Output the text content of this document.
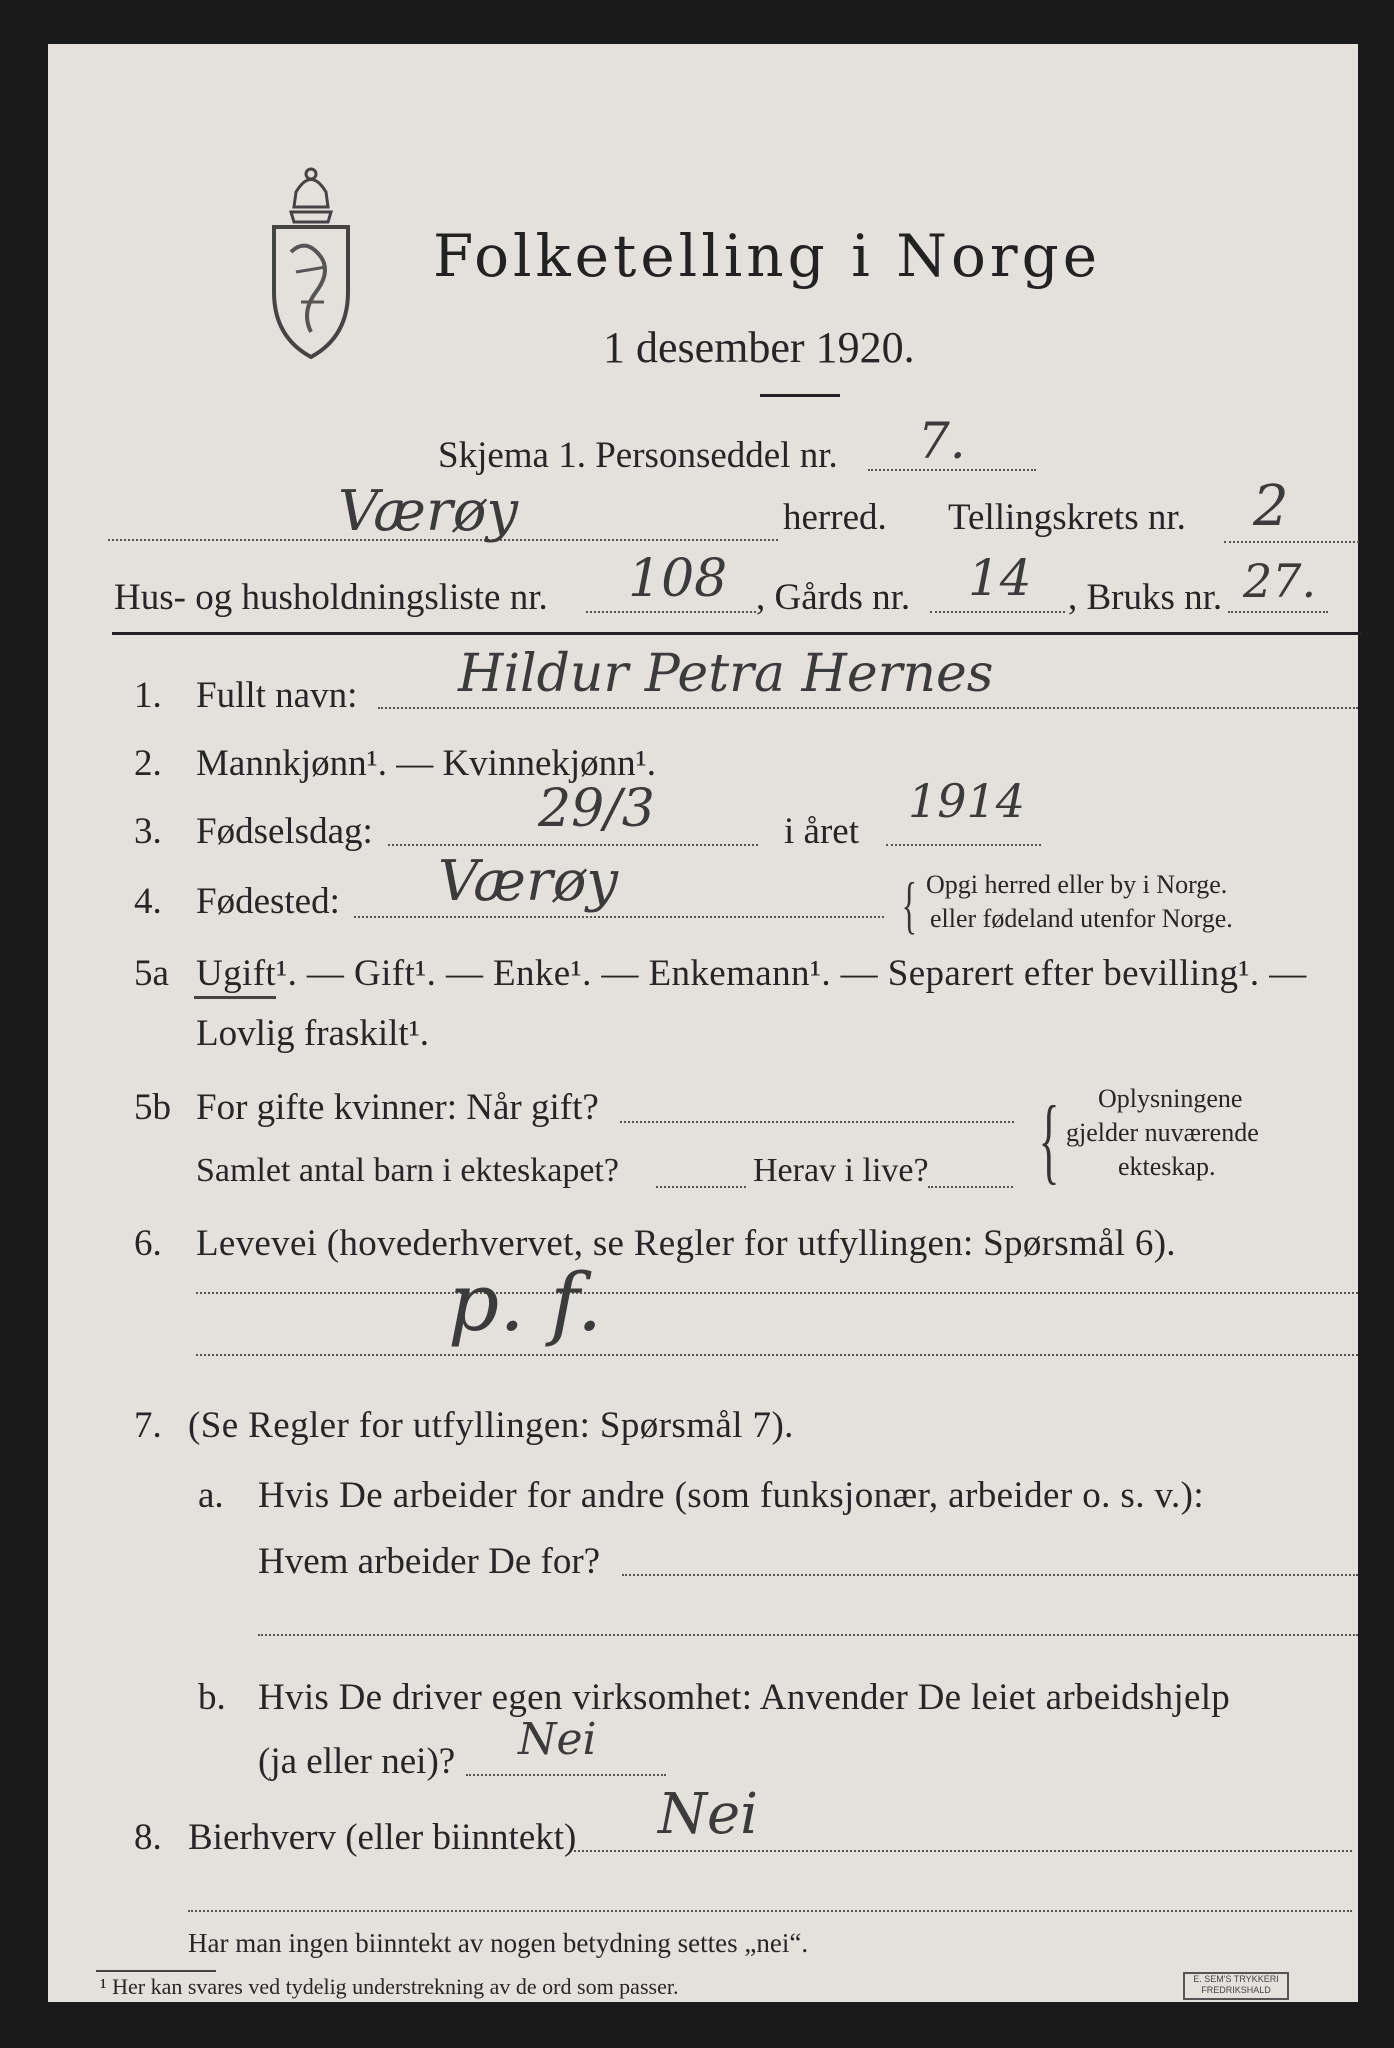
Folketelling i Norge
1 desember 1920.
Skjema 1. Personseddel nr. 7.
Værøy	herred. Tellingskrets nr. 2
Hus- og husholdningsliste nr. 108 , Gårds nr. 14 , Bruks nr. 27.
1. Fullt navn: Hildur Petra Hernes
2. Mannkjønn¹. — Kvinnekjønn¹.
3. Fødselsdag:	29/3	i året
1914
4. Fødested: Værøy	{ Opgi herred eller by i Norge.
eller fødeland utenfor Norge.
5a Ugift¹. — Gift¹. — Enke¹. — Enkemann¹. — Separert efter bevilling¹. —
Lovlig fraskilt¹.
5b For gifte kvinner: Når gift?
Samlet antal barn i ekteskapet?	Herav i live? { Oplysningene
gjelder nuværende
ekteskap.
6. Levevei (hovederhvervet, se Regler for utfyllingen: Spørsmål 6).
p. f.
7. (Se Regler for utfyllingen: Spørsmål 7).
a. Hvis De arbeider for andre (som funksjonær, arbeider o. s. v.):
Hvem arbeider De for?
b. Hvis De driver egen virksomhet: Anvender De leiet arbeidshjelp
(ja eller nei)? Nei
8. Bierhverv (eller biinntekt) Nei
Har man ingen biinntekt av nogen betydning settes „nei“.
¹ Her kan svares ved tydelig understrekning av de ord som passer.	E. SEM'S TRYKKERI FREDRIKSHALD
